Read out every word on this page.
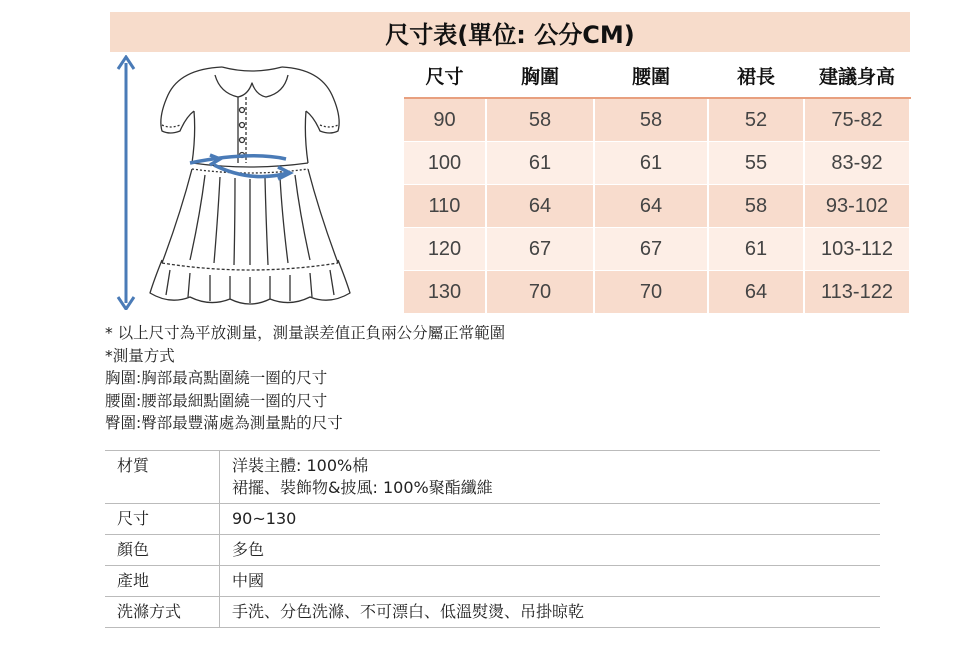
尺寸表(單位: 公分CM)
尺寸	胸圍	腰圍	裙長	建議身高
90	58	58	52	75-82
100	61	61	55	83-92
110	64	64	58	93-102
120	67	67	61	103-112
130	70	70	64	113-122
* 以上尺寸為平放測量，測量誤差值正負兩公分屬正常範圍
*測量方式
胸圍:胸部最高點圍繞一圈的尺寸
腰圍:腰部最細點圍繞一圈的尺寸
臀圍:臀部最豐滿處為測量點的尺寸
材質	洋裝主體: 100%棉
裙擺、裝飾物&披風: 100%聚酯纖維

尺寸	90~130
顏色	多色
產地	中國
洗滌方式	手洗、分色洗滌、不可漂白、低溫熨燙、吊掛晾乾
